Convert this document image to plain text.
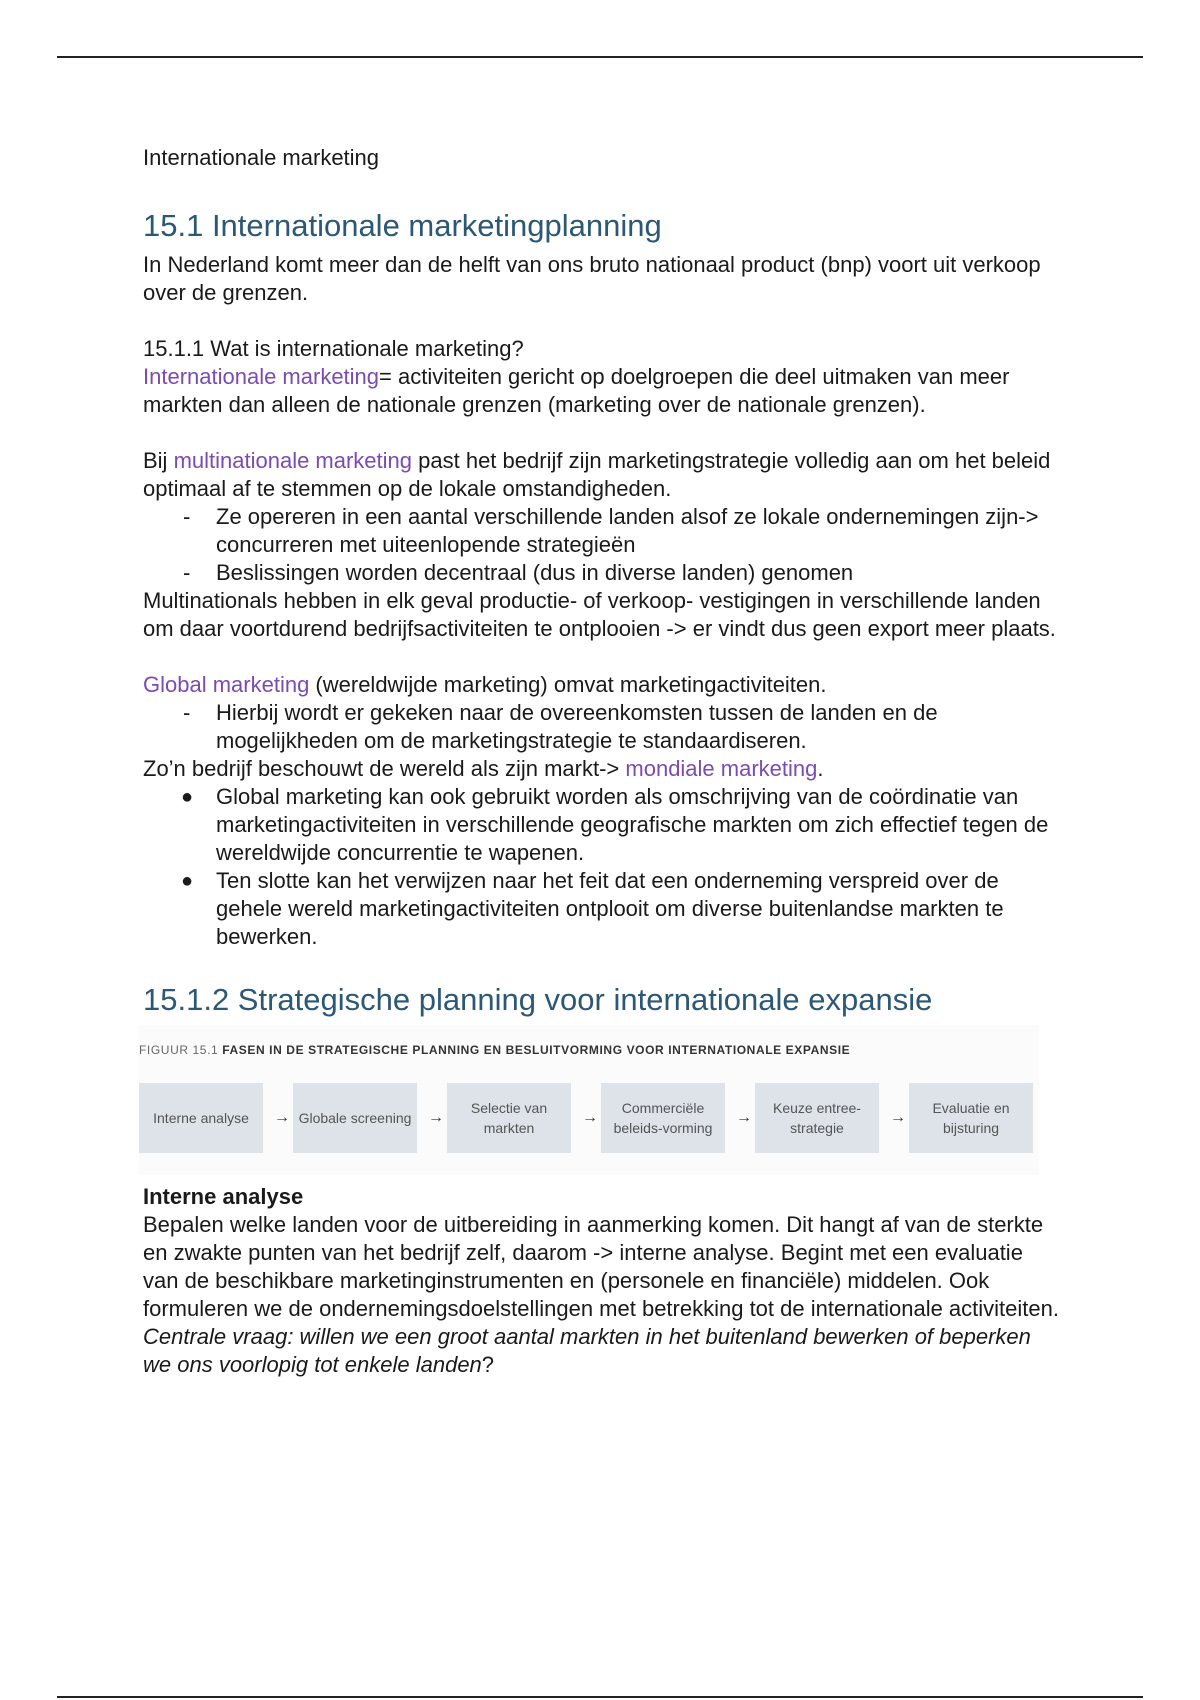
Internationale marketing
15.1 Internationale marketingplanning

In Nederland komt meer dan de helft van ons bruto nationaal product (bnp) voort uit verkoop over de grenzen.

15.1.1 Wat is internationale marketing?

Internationale marketing= activiteiten gericht op doelgroepen die deel uitmaken van meer markten dan alleen de nationale grenzen (marketing over de nationale grenzen).

Bij multinationale marketing past het bedrijf zijn marketingstrategie volledig aan om het beleid optimaal af te stemmen op de lokale omstandigheden.

- Ze opereren in een aantal verschillende landen alsof ze lokale ondernemingen zijn-> concurreren met uiteenlopende strategieën
- Beslissingen worden decentraal (dus in diverse landen) genomen

Multinationals hebben in elk geval productie- of verkoop- vestigingen in verschillende landen om daar voortdurend bedrijfsactiviteiten te ontplooien -> er vindt dus geen export meer plaats.

Global marketing (wereldwijde marketing) omvat marketingactiviteiten.

- Hierbij wordt er gekeken naar de overeenkomsten tussen de landen en de mogelijkheden om de marketingstrategie te standaardiseren.

Zo’n bedrijf beschouwt de wereld als zijn markt-> mondiale marketing.

● Global marketing kan ook gebruikt worden als omschrijving van de coördinatie van marketingactiviteiten in verschillende geografische markten om zich effectief tegen de wereldwijde concurrentie te wapenen.
● Ten slotte kan het verwijzen naar het feit dat een onderneming verspreid over de gehele wereld marketingactiviteiten ontplooit om diverse buitenlandse markten te bewerken.
15.1.2 Strategische planning voor internationale expansie
FIGUUR 15.1 FASEN IN DE STRATEGISCHE PLANNING EN BESLUITVORMING VOOR INTERNATIONALE EXPANSIE
Interne analyse	→ Globale screening	→
Selectie van markten
→
Commerciële beleids-vorming
→
Keuze entree-strategie
→
Evaluatie en bijsturing

Interne analyse

Bepalen welke landen voor de uitbereiding in aanmerking komen. Dit hangt af van de sterkte en zwakte punten van het bedrijf zelf, daarom -> interne analyse. Begint met een evaluatie van de beschikbare marketinginstrumenten en (personele en financiële) middelen. Ook formuleren we de ondernemingsdoelstellingen met betrekking tot de internationale activiteiten.

Centrale vraag: willen we een groot aantal markten in het buitenland bewerken of beperken we ons voorlopig tot enkele landen?
